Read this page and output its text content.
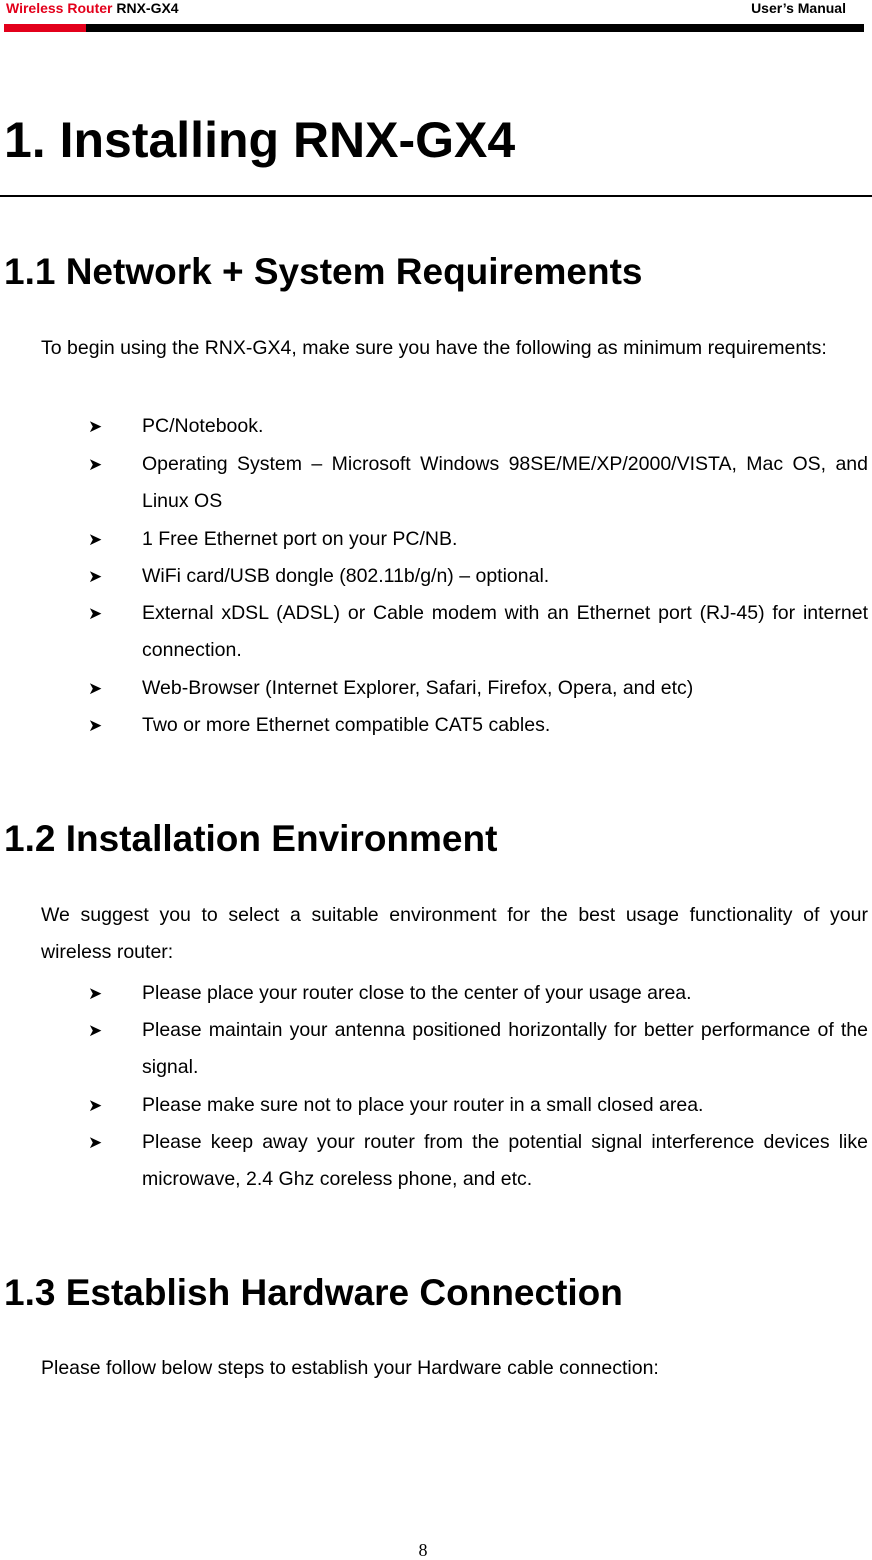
Wireless Router RNX-GX4	User’s Manual
1. Installing RNX-GX4
1.1 Network + System Requirements

To begin using the RNX-GX4, make sure you have the following as minimum requirements:

➤ PC/Notebook.
➤ Operating System – Microsoft Windows 98SE/ME/XP/2000/VISTA, Mac OS, and Linux OS
➤ 1 Free Ethernet port on your PC/NB.
➤ WiFi card/USB dongle (802.11b/g/n) – optional.
➤ External xDSL (ADSL) or Cable modem with an Ethernet port (RJ-45) for internet connection.
➤ Web-Browser (Internet Explorer, Safari, Firefox, Opera, and etc)
➤ Two or more Ethernet compatible CAT5 cables.
1.2 Installation Environment

We suggest you to select a suitable environment for the best usage functionality of your wireless router:

➤ Please place your router close to the center of your usage area.
➤ Please maintain your antenna positioned horizontally for better performance of the signal.
➤ Please make sure not to place your router in a small closed area.
➤ Please keep away your router from the potential signal interference devices like microwave, 2.4 Ghz coreless phone, and etc.
1.3 Establish Hardware Connection

Please follow below steps to establish your Hardware cable connection:

8
